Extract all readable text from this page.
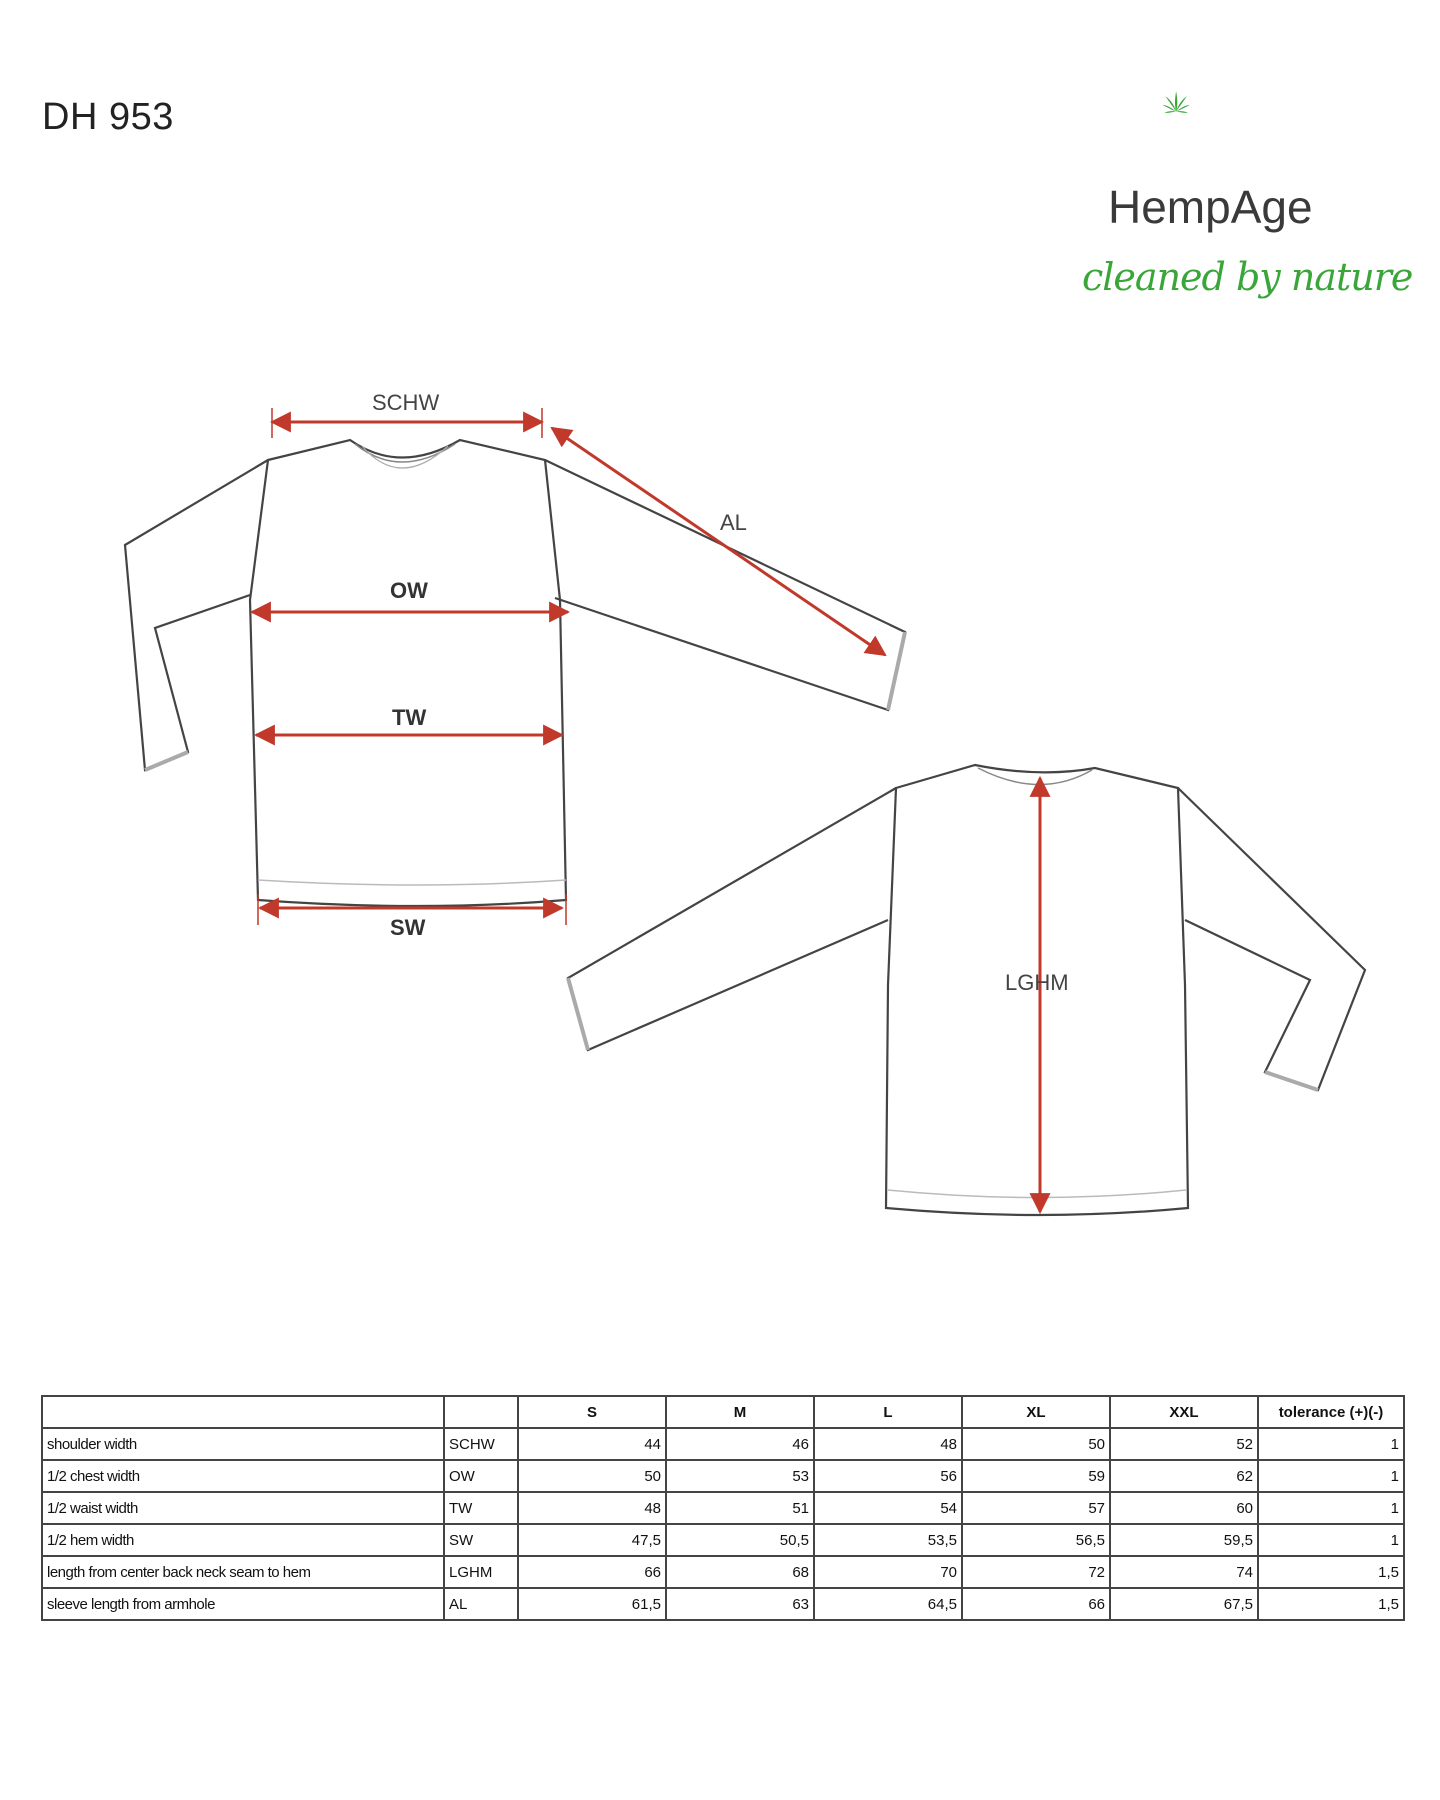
DH 953
HempAge
cleaned by nature
SCHW
AL
OW
TW
SW
LGHM
		S	M	L	XL	XXL	tolerance (+)(-)
shoulder width	SCHW	44	46	48	50	52	1
1/2 chest width	OW	50	53	56	59	62	1
1/2 waist width	TW	48	51	54	57	60	1
1/2 hem width	SW	47,5	50,5	53,5	56,5	59,5	1
length from center back neck seam to hem	LGHM	66	68	70	72	74	1,5
sleeve length from armhole	AL	61,5	63	64,5	66	67,5	1,5
